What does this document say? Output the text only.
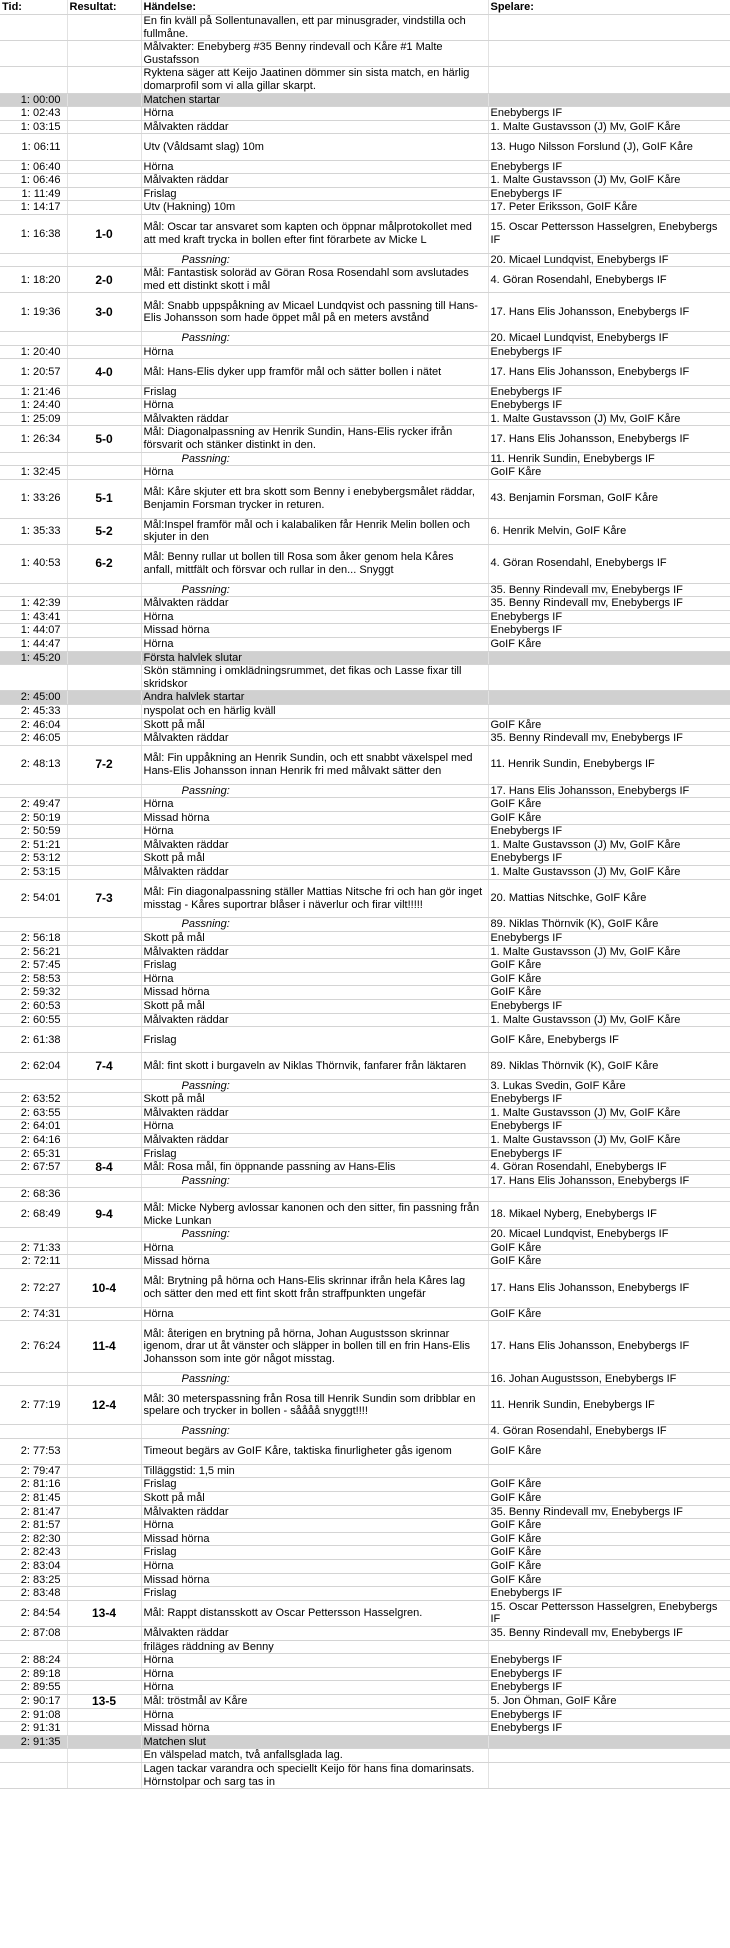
Tid:	Resultat:	Händelse:	Spelare:
		En fin kväll på Sollentunavallen, ett par minusgrader, vindstilla och fullmåne.	
		Målvakter: Enebyberg #35 Benny rindevall och Kåre #1 Malte Gustafsson	
		Ryktena säger att Keijo Jaatinen dömmer sin sista match, en härlig domarprofil som vi alla gillar skarpt.	
1: 00:00		Matchen startar	
1: 02:43		Hörna	Enebybergs IF
1: 03:15		Målvakten räddar	1. Malte Gustavsson (J) Mv, GoIF Kåre
1: 06:11		Utv (Våldsamt slag) 10m	13. Hugo Nilsson Forslund (J), GoIF Kåre
1: 06:40		Hörna	Enebybergs IF
1: 06:46		Målvakten räddar	1. Malte Gustavsson (J) Mv, GoIF Kåre
1: 11:49		Frislag	Enebybergs IF
1: 14:17		Utv (Hakning) 10m	17. Peter Eriksson, GoIF Kåre
1: 16:38	1-0	Mål: Oscar tar ansvaret som kapten och öppnar målprotokollet med att med kraft trycka in bollen efter fint förarbete av Micke L	15. Oscar Pettersson Hasselgren, Enebybergs IF
		Passning:	20. Micael Lundqvist, Enebybergs IF
1: 18:20	2-0	Mål: Fantastisk soloräd av Göran Rosa Rosendahl som avslutades med ett distinkt skott i mål	4. Göran Rosendahl, Enebybergs IF
1: 19:36	3-0	Mål: Snabb uppspåkning av Micael Lundqvist och passning till Hans-Elis Johansson som hade öppet mål på en meters avstånd	17. Hans Elis Johansson, Enebybergs IF
		Passning:	20. Micael Lundqvist, Enebybergs IF
1: 20:40		Hörna	Enebybergs IF
1: 20:57	4-0	Mål: Hans-Elis dyker upp framför mål och sätter bollen i nätet	17. Hans Elis Johansson, Enebybergs IF
1: 21:46		Frislag	Enebybergs IF
1: 24:40		Hörna	Enebybergs IF
1: 25:09		Målvakten räddar	1. Malte Gustavsson (J) Mv, GoIF Kåre
1: 26:34	5-0	Mål: Diagonalpassning av Henrik Sundin, Hans-Elis rycker ifrån försvarit och stänker distinkt in den.	17. Hans Elis Johansson, Enebybergs IF
		Passning:	11. Henrik Sundin, Enebybergs IF
1: 32:45		Hörna	GoIF Kåre
1: 33:26	5-1	Mål: Kåre skjuter ett bra skott som Benny i enebybergsmålet räddar, Benjamin Forsman trycker in returen.	43. Benjamin Forsman, GoIF Kåre
1: 35:33	5-2	Mål:Inspel framför mål och i kalabaliken får Henrik Melin bollen och skjuter in den	6. Henrik Melvin, GoIF Kåre
1: 40:53	6-2	Mål: Benny rullar ut bollen till Rosa som åker genom hela Kåres anfall, mittfält och försvar och rullar in den... Snyggt	4. Göran Rosendahl, Enebybergs IF
		Passning:	35. Benny Rindevall mv, Enebybergs IF
1: 42:39		Målvakten räddar	35. Benny Rindevall mv, Enebybergs IF
1: 43:41		Hörna	Enebybergs IF
1: 44:07		Missad hörna	Enebybergs IF
1: 44:47		Hörna	GoIF Kåre
1: 45:20		Första halvlek slutar	
		Skön stämning i omklädningsrummet, det fikas och Lasse fixar till skridskor	
2: 45:00		Andra halvlek startar	
2: 45:33		nyspolat och en härlig kväll	
2: 46:04		Skott på mål	GoIF Kåre
2: 46:05		Målvakten räddar	35. Benny Rindevall mv, Enebybergs IF
2: 48:13	7-2	Mål: Fin uppåkning an Henrik Sundin, och ett snabbt växelspel med Hans-Elis Johansson innan Henrik fri med målvakt sätter den	11. Henrik Sundin, Enebybergs IF
		Passning:	17. Hans Elis Johansson, Enebybergs IF
2: 49:47		Hörna	GoIF Kåre
2: 50:19		Missad hörna	GoIF Kåre
2: 50:59		Hörna	Enebybergs IF
2: 51:21		Målvakten räddar	1. Malte Gustavsson (J) Mv, GoIF Kåre
2: 53:12		Skott på mål	Enebybergs IF
2: 53:15		Målvakten räddar	1. Malte Gustavsson (J) Mv, GoIF Kåre
2: 54:01	7-3	Mål: Fin diagonalpassning ställer Mattias Nitsche fri och han gör inget misstag - Kåres suportrar blåser i näverlur och firar vilt!!!!!	20. Mattias Nitschke, GoIF Kåre
		Passning:	89. Niklas Thörnvik (K), GoIF Kåre
2: 56:18		Skott på mål	Enebybergs IF
2: 56:21		Målvakten räddar	1. Malte Gustavsson (J) Mv, GoIF Kåre
2: 57:45		Frislag	GoIF Kåre
2: 58:53		Hörna	GoIF Kåre
2: 59:32		Missad hörna	GoIF Kåre
2: 60:53		Skott på mål	Enebybergs IF
2: 60:55		Målvakten räddar	1. Malte Gustavsson (J) Mv, GoIF Kåre
2: 61:38		Frislag	GoIF Kåre, Enebybergs IF
2: 62:04	7-4	Mål: fint skott i burgaveln av Niklas Thörnvik, fanfarer från läktaren	89. Niklas Thörnvik (K), GoIF Kåre
		Passning:	3. Lukas Svedin, GoIF Kåre
2: 63:52		Skott på mål	Enebybergs IF
2: 63:55		Målvakten räddar	1. Malte Gustavsson (J) Mv, GoIF Kåre
2: 64:01		Hörna	Enebybergs IF
2: 64:16		Målvakten räddar	1. Malte Gustavsson (J) Mv, GoIF Kåre
2: 65:31		Frislag	Enebybergs IF
2: 67:57	8-4	Mål: Rosa mål, fin öppnande passning av Hans-Elis	4. Göran Rosendahl, Enebybergs IF
		Passning:	17. Hans Elis Johansson, Enebybergs IF
2: 68:36			
2: 68:49	9-4	Mål: Micke Nyberg avlossar kanonen och den sitter, fin passning från Micke Lunkan	18. Mikael Nyberg, Enebybergs IF
		Passning:	20. Micael Lundqvist, Enebybergs IF
2: 71:33		Hörna	GoIF Kåre
2: 72:11		Missad hörna	GoIF Kåre
2: 72:27	10-4	Mål: Brytning på hörna och Hans-Elis skrinnar ifrån hela Kåres lag och sätter den med ett fint skott från straffpunkten ungefär	17. Hans Elis Johansson, Enebybergs IF
2: 74:31		Hörna	GoIF Kåre
2: 76:24	11-4	Mål: återigen en brytning på hörna, Johan Augustsson skrinnar igenom, drar ut åt vänster och släpper in bollen till en frin Hans-Elis Johansson som inte gör något misstag.	17. Hans Elis Johansson, Enebybergs IF
		Passning:	16. Johan Augustsson, Enebybergs IF
2: 77:19	12-4	Mål: 30 meterspassning från Rosa till Henrik Sundin som dribblar en spelare och trycker in bollen - såååå snyggt!!!!	11. Henrik Sundin, Enebybergs IF
		Passning:	4. Göran Rosendahl, Enebybergs IF
2: 77:53		Timeout begärs av GoIF Kåre, taktiska finurligheter gås igenom	GoIF Kåre
2: 79:47		Tilläggstid: 1,5 min	
2: 81:16		Frislag	GoIF Kåre
2: 81:45		Skott på mål	GoIF Kåre
2: 81:47		Målvakten räddar	35. Benny Rindevall mv, Enebybergs IF
2: 81:57		Hörna	GoIF Kåre
2: 82:30		Missad hörna	GoIF Kåre
2: 82:43		Frislag	GoIF Kåre
2: 83:04		Hörna	GoIF Kåre
2: 83:25		Missad hörna	GoIF Kåre
2: 83:48		Frislag	Enebybergs IF
2: 84:54	13-4	Mål: Rappt distansskott av Oscar Pettersson Hasselgren.	15. Oscar Pettersson Hasselgren, Enebybergs IF
2: 87:08		Målvakten räddar	35. Benny Rindevall mv, Enebybergs IF
		friläges räddning av Benny	
2: 88:24		Hörna	Enebybergs IF
2: 89:18		Hörna	Enebybergs IF
2: 89:55		Hörna	Enebybergs IF
2: 90:17	13-5	Mål: tröstmål av Kåre	5. Jon Öhman, GoIF Kåre
2: 91:08		Hörna	Enebybergs IF
2: 91:31		Missad hörna	Enebybergs IF
2: 91:35		Matchen slut	
		En välspelad match, två anfallsglada lag.	
		Lagen tackar varandra och speciellt Keijo för hans fina domarinsats. Hörnstolpar och sarg tas in	
